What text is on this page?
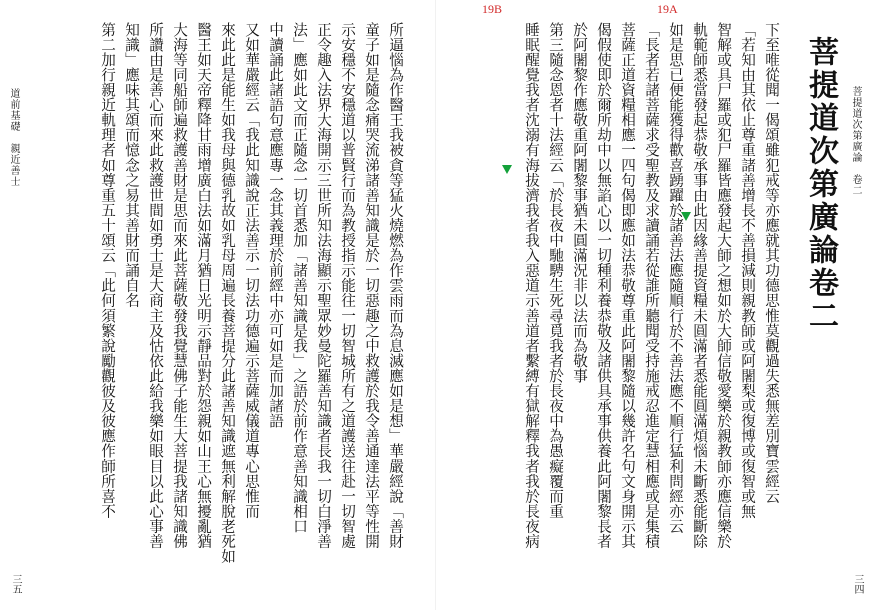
菩提道次第廣論　卷二
三四
菩提道次第廣論卷二
下至唯從聞一偈頌雖犯戒等亦應就其功德思惟莫觀過失悉無差別寶雲經云
「若知由其依止尊重諸善增長不善損減則親教師或阿闍梨或復博或復智或無
智解或具尸羅或犯尸羅皆應發起大師之想如於大師信敬愛樂於親教師亦應信樂於
軌範師悉當發起恭敬承事由此因緣善提資糧未圓滿者悉能圓滿煩惱未斷悉能斷除
如是思已便能獲得歡喜踴躍於諸善法應隨順行於不善法應不順行猛利問經亦云
「長者若諸菩薩求受聖教及求讀誦若從誰所聽聞受持施戒忍進定慧相應或是集積
菩薩正道資糧相應一四句偈即應如法恭敬尊重此阿闍黎隨以幾許名句文身開示其
偈假使即於爾所劫中以無諂心以一切種利養恭敬及諸供具承事供養此阿闍黎長者
於阿闍黎作應敬重阿闍黎事猶未圓滿況非以法而為敬事
第三隨念恩者十法經云「於長夜中馳騁生死尋覓我者於長夜中為愚癡覆而重
睡眠醒覺我者沈溺有海拔濟我者我入惡道示善道者繫縛有獄解釋我者我於長夜病
道前基礎　親近善士
三五
所逼惱為作醫王我被貪等猛火燒燃為作雲雨而為息滅應如是想」華嚴經說「善財
童子如是隨念痛哭流涕諸善知識是於一切惡趣之中救護於我令善通達法平等性開
示安穩不安穩道以普賢行而為教授指示能往一切智城所有之道護送往赴一切智處
正令趣入法界大海開示三世所知法海顯示聖眾妙曼陀羅善知識者長我一切白淨善
法」應如此文而正隨念一切首悉加「諸善知識是我」之語於前作意善知識相口
中讀誦此諸語句意應專一念其義理於前經中亦可如是而加諸語
又如華嚴經云「我此知識說正法善示一切法功德遍示菩薩威儀道專心思惟而
來此此是能生如我母與德乳故如乳母周遍長養菩提分此諸善知識遮無利解脫老死如
醫王如天帝釋降甘雨增廣白法如滿月猶日光明示靜品對於怨親如山王心無擾亂猶
大海等同船師遍救護善財是思而來此菩薩敬發我覺慧佛子能生大菩提我諸知識佛
所讚由是善心而來此救護世間如勇士是大商主及怙依此給我樂如眼目以此心事善
知識」應味其頌而憶念之易其善財而誦自名
第二加行親近軌理者如尊重五十頌云「此何須繁說勵觀彼及彼應作師所喜不
19B	19A
